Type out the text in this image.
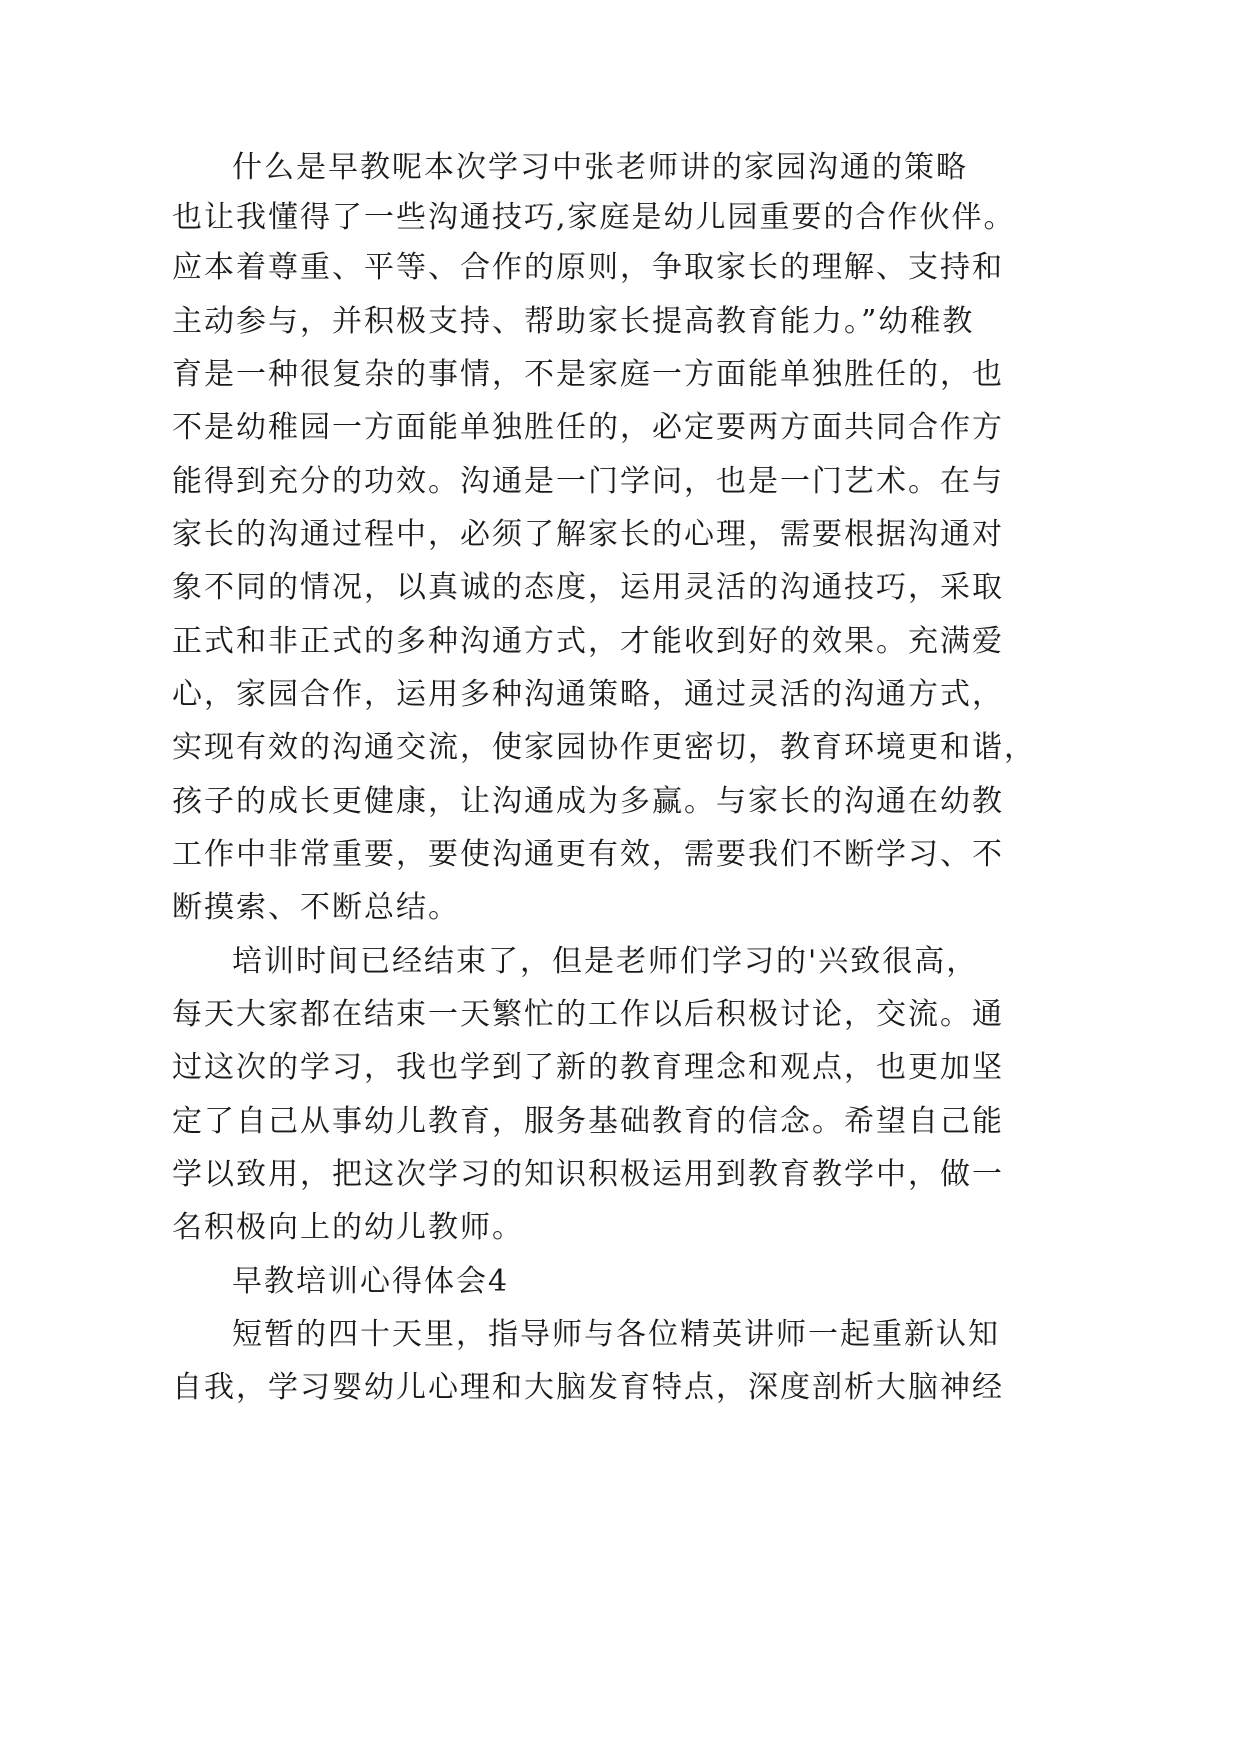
什么是早教呢本次学习中张老师讲的家园沟通的策略
也让我懂得了一些沟通技巧,家庭是幼儿园重要的合作伙伴。
应本着尊重、平等、合作的原则，争取家长的理解、支持和
主动参与，并积极支持、帮助家长提高教育能力。”幼稚教
育是一种很复杂的事情，不是家庭一方面能单独胜任的，也
不是幼稚园一方面能单独胜任的，必定要两方面共同合作方
能得到充分的功效。沟通是一门学问，也是一门艺术。在与
家长的沟通过程中，必须了解家长的心理，需要根据沟通对
象不同的情况，以真诚的态度，运用灵活的沟通技巧，采取
正式和非正式的多种沟通方式，才能收到好的效果。充满爱
心，家园合作，运用多种沟通策略，通过灵活的沟通方式，
实现有效的沟通交流，使家园协作更密切，教育环境更和谐，
孩子的成长更健康，让沟通成为多赢。与家长的沟通在幼教
工作中非常重要，要使沟通更有效，需要我们不断学习、不
断摸索、不断总结。
培训时间已经结束了，但是老师们学习的'兴致很高，
每天大家都在结束一天繁忙的工作以后积极讨论，交流。通
过这次的学习，我也学到了新的教育理念和观点，也更加坚
定了自己从事幼儿教育，服务基础教育的信念。希望自己能
学以致用，把这次学习的知识积极运用到教育教学中，做一
名积极向上的幼儿教师。
早教培训心得体会4
短暂的四十天里，指导师与各位精英讲师一起重新认知
自我，学习婴幼儿心理和大脑发育特点，深度剖析大脑神经
